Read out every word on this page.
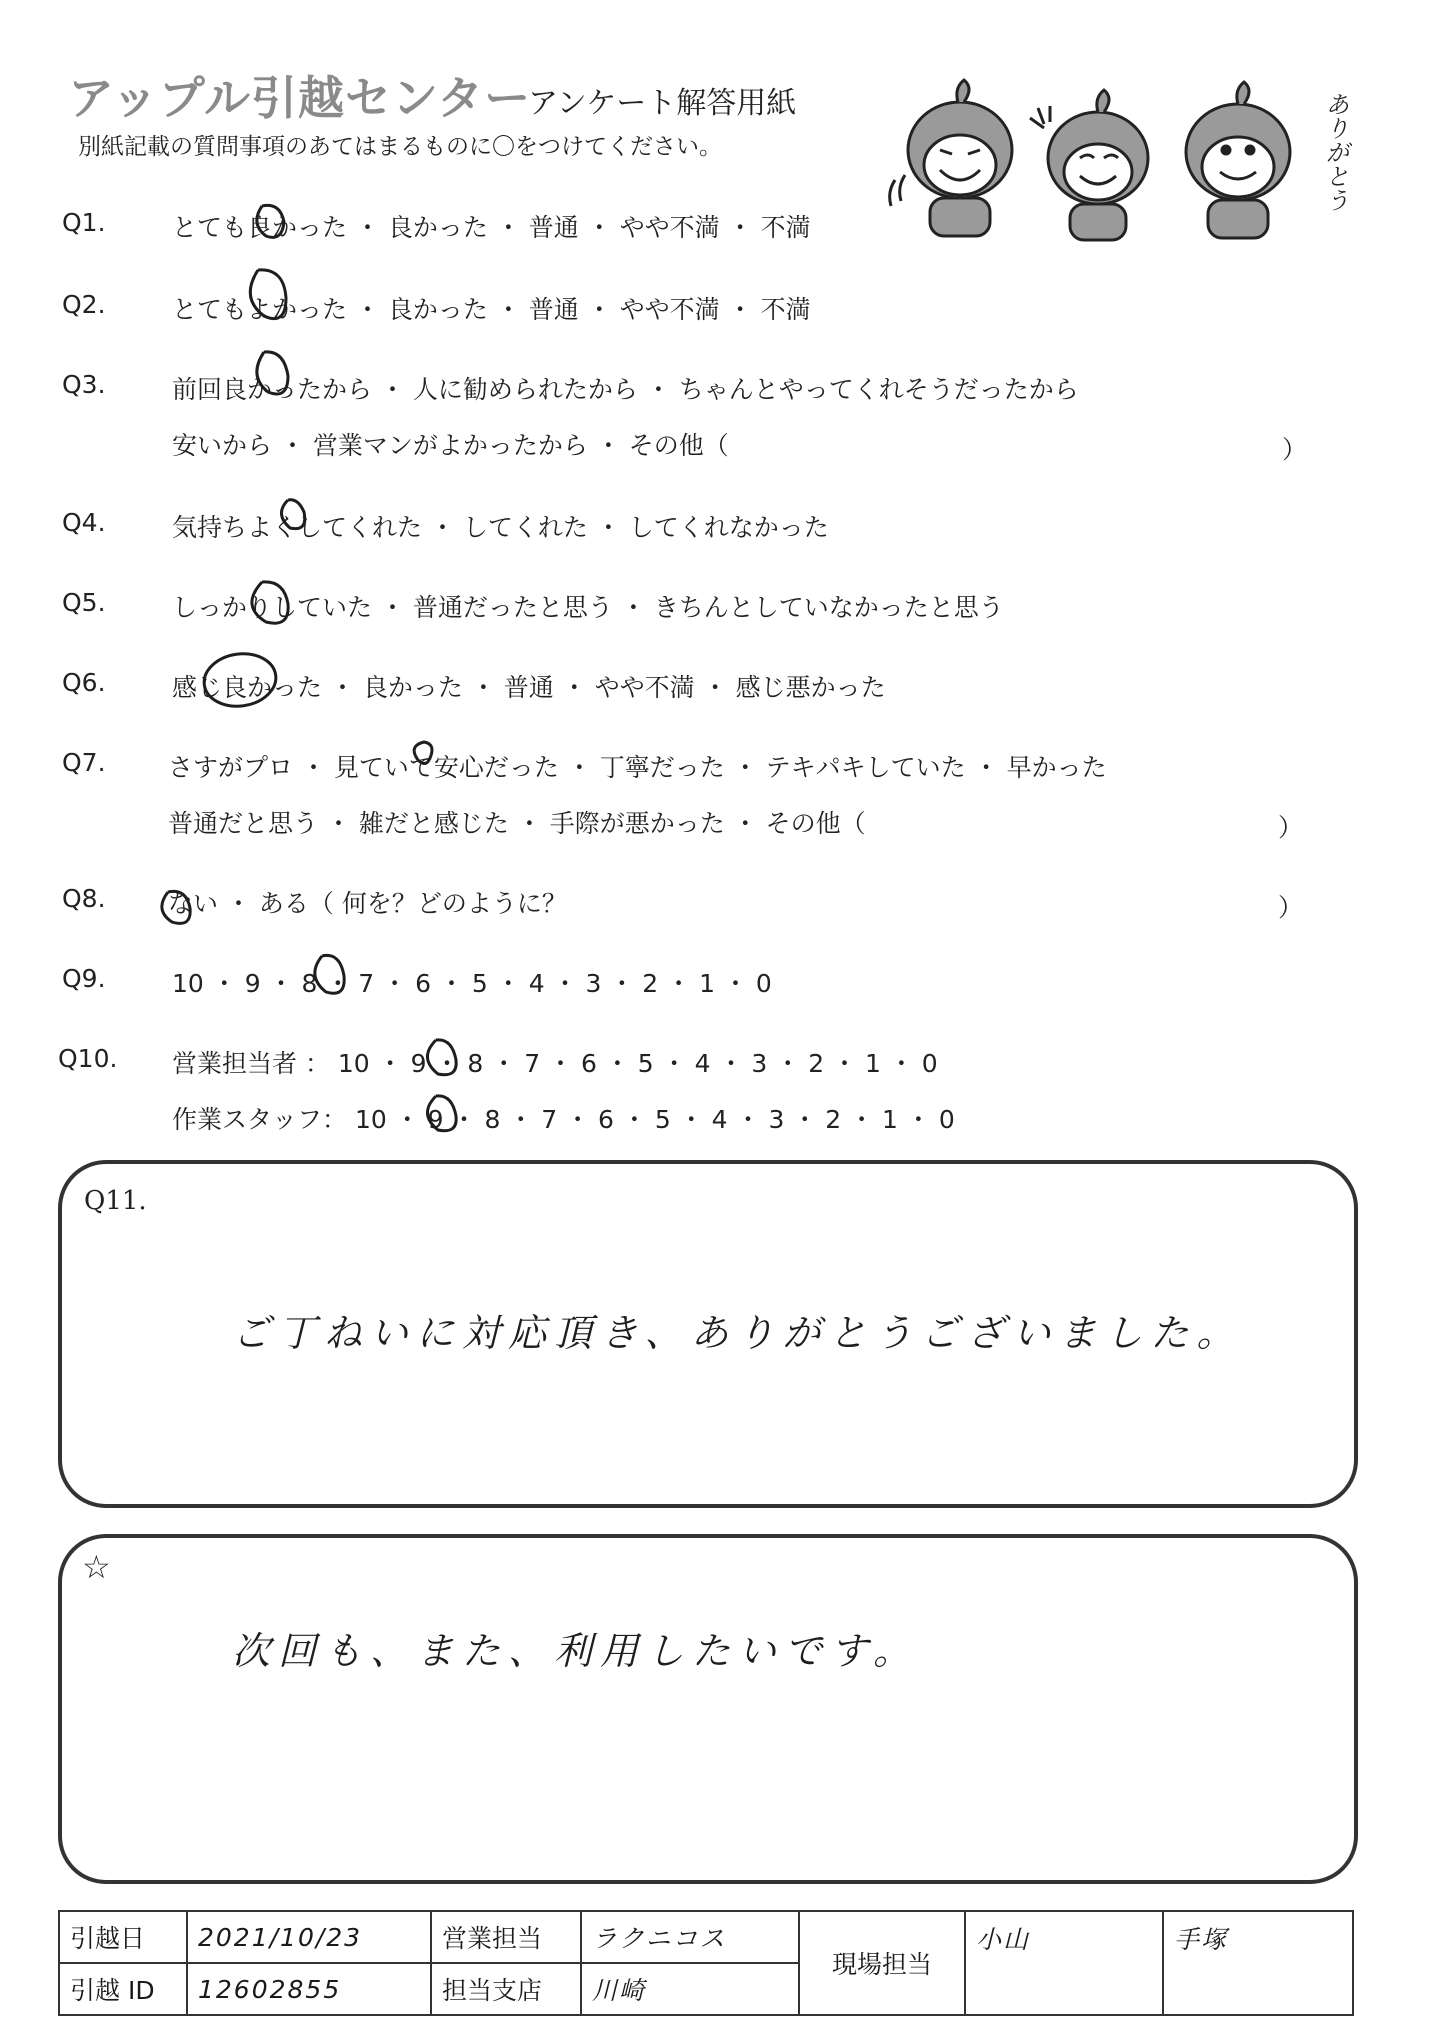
アップル引越センター
アンケート解答用紙
別紙記載の質問事項のあてはまるものに〇をつけてください。	ありがとう
Q1.	とても良かった ・ 良かった ・ 普通 ・ やや不満 ・ 不満
Q2.	とてもよかった ・ 良かった ・ 普通 ・ やや不満 ・ 不満
Q3.	前回良かったから ・ 人に勧められたから ・ ちゃんとやってくれそうだったから
安いから ・ 営業マンがよかったから ・ その他（	）
Q4.	気持ちよくしてくれた ・ してくれた ・ してくれなかった
Q5.	しっかりしていた ・ 普通だったと思う ・ きちんとしていなかったと思う
Q6.	感じ良かった ・ 良かった ・ 普通 ・ やや不満 ・ 感じ悪かった
Q7. さすがプロ ・ 見ていて安心だった ・ 丁寧だった ・ テキパキしていた ・ 早かった
普通だと思う ・ 雑だと感じた ・ 手際が悪かった ・ その他（	）
Q8. ない ・ ある（ 何を？どのように？	）
Q9.	10 ・ 9 ・ 8 ・ 7 ・ 6 ・ 5 ・ 4 ・ 3 ・ 2 ・ 1 ・ 0
Q10. 営業担当者 ： 10 ・ 9 ・ 8 ・ 7 ・ 6 ・ 5 ・ 4 ・ 3 ・ 2 ・ 1 ・ 0
作業スタッフ： 10 ・ 9 ・ 8 ・ 7 ・ 6 ・ 5 ・ 4 ・ 3 ・ 2 ・ 1 ・ 0
Q11.
ご丁ねいに対応頂き、ありがとうございました。
☆
次回も、また、利用したいです。
引越日	2021/10/23	営業担当	ラクニコス	現場担当	小山	手塚
引越 ID	12602855	担当支店	川崎			
